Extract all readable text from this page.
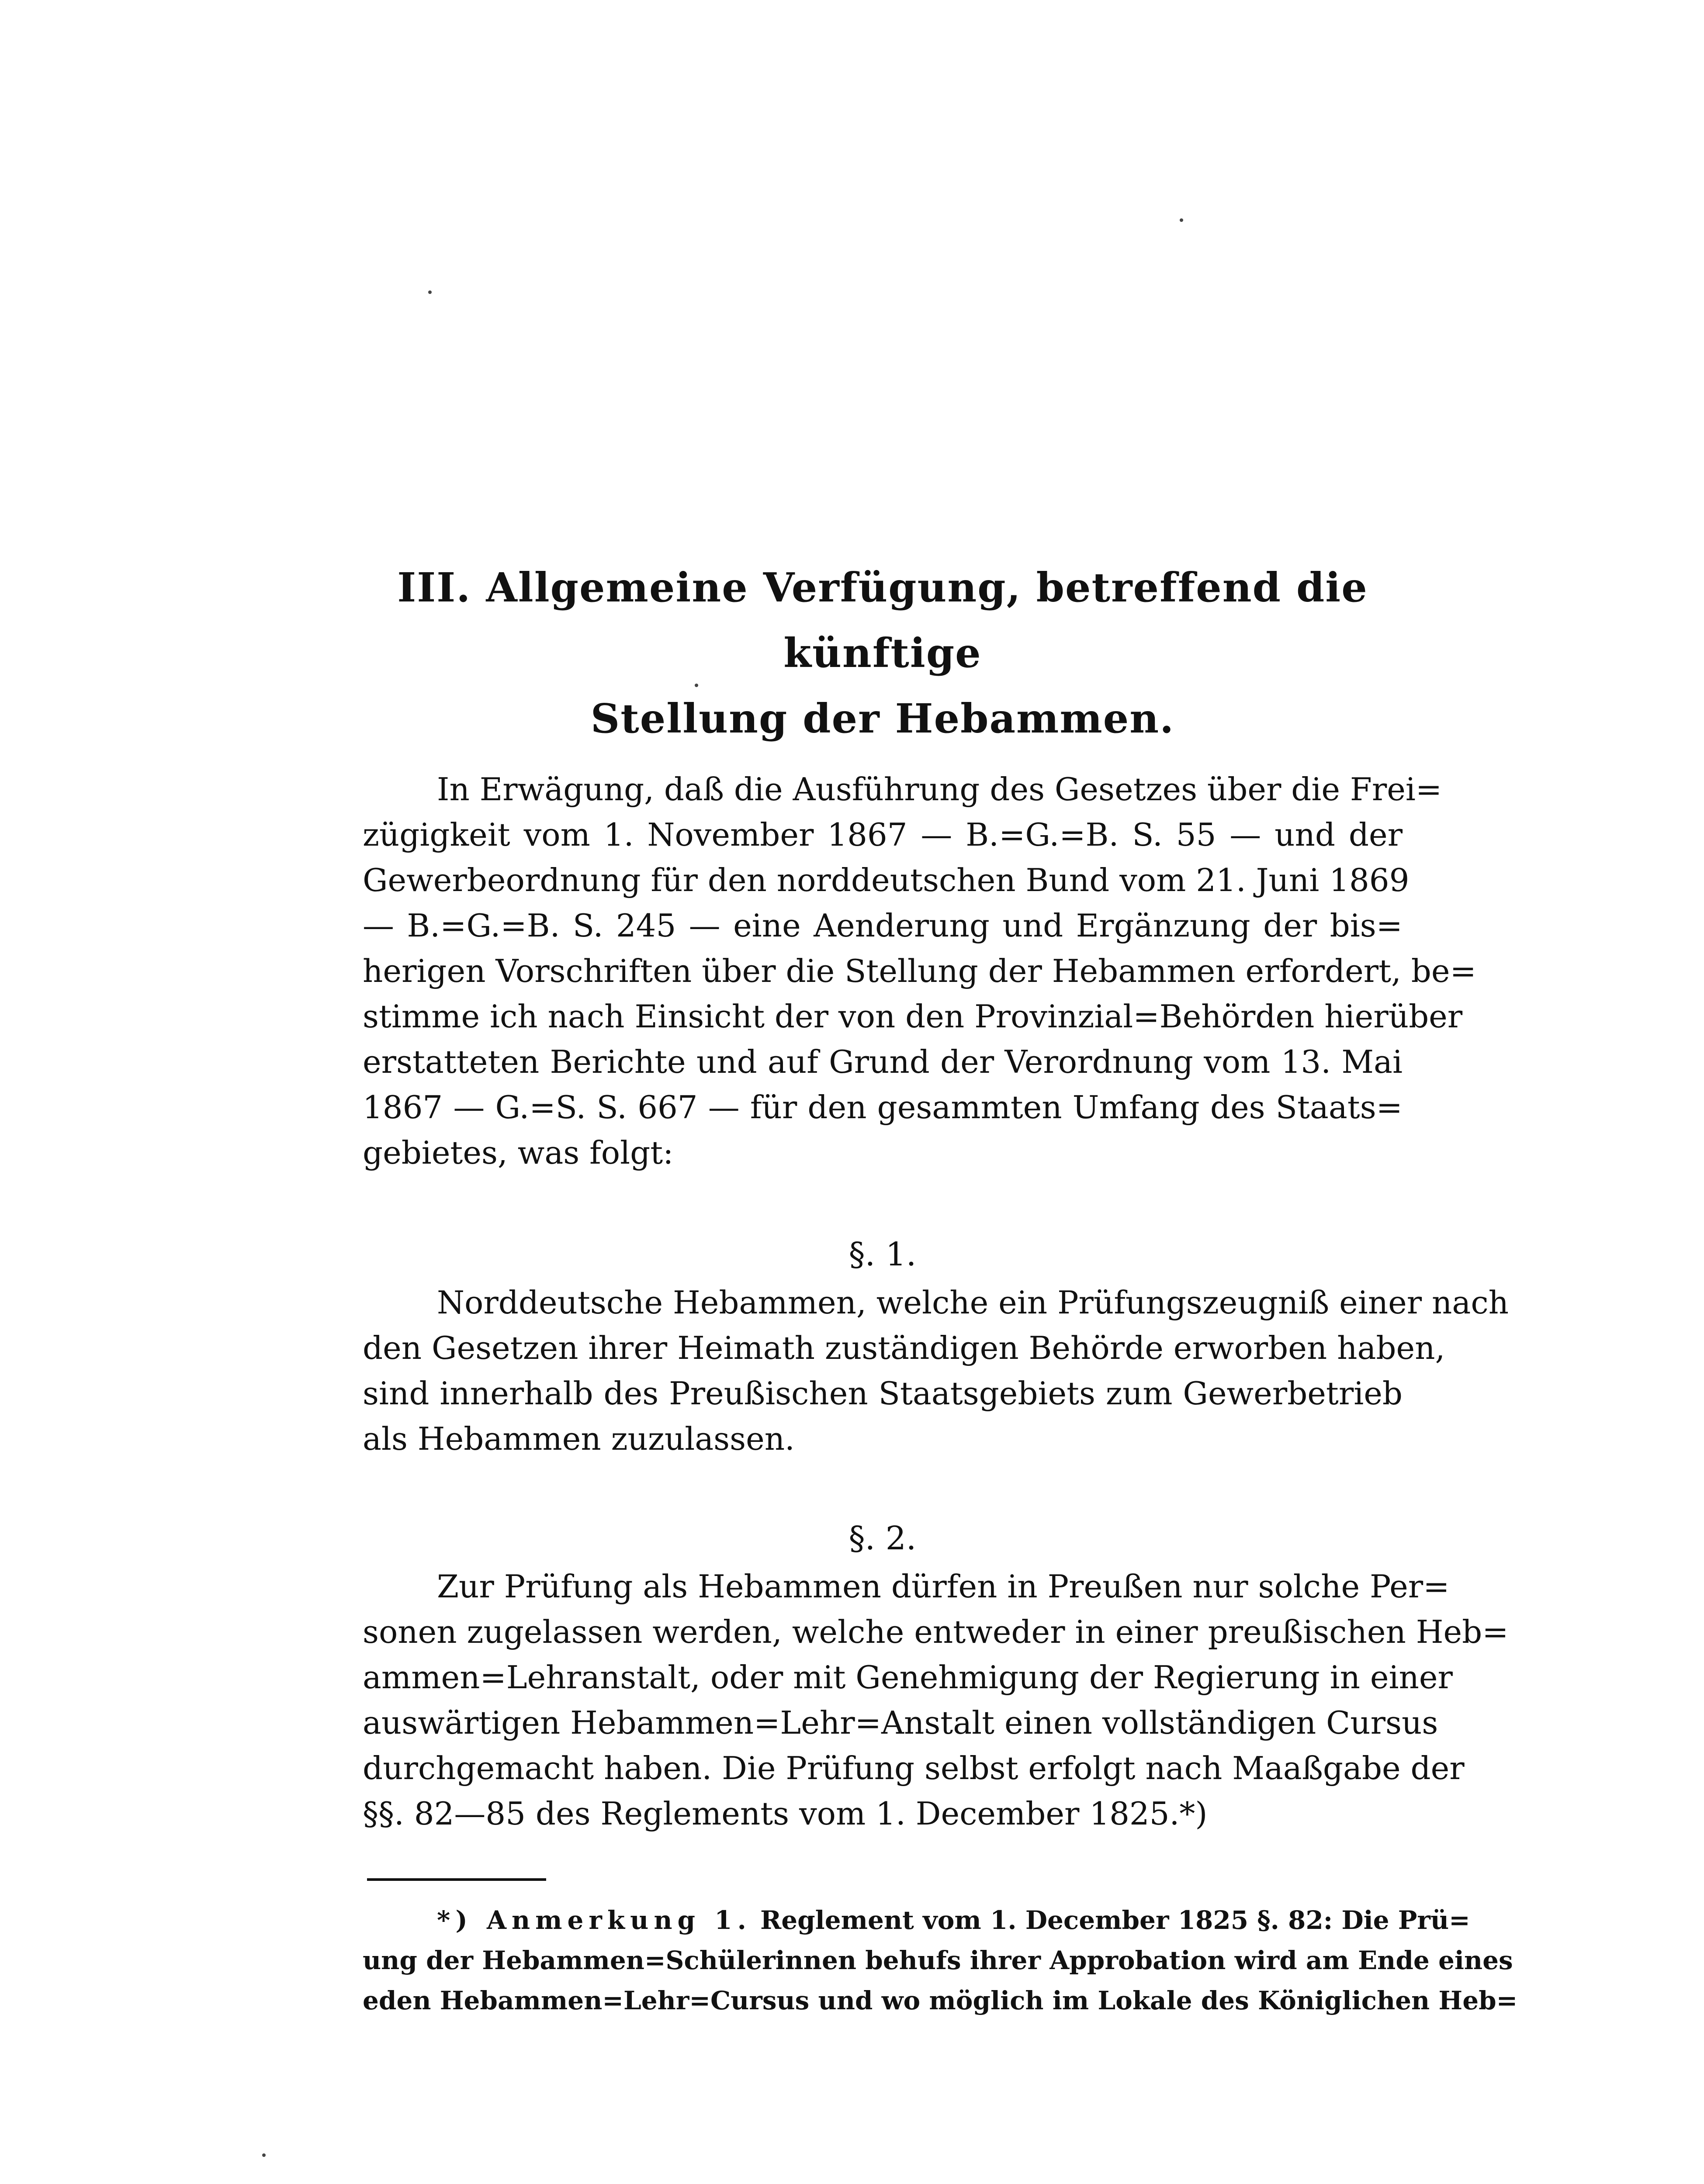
III. Allgemeine Verfügung, betreffend die künftige
Stellung der Hebammen.
In Erwägung, daß die Ausführung des Gesetzes über die Frei=
zügigkeit vom 1. November 1867 — B.=G.=B. S. 55 — und der
Gewerbeordnung für den norddeutschen Bund vom 21. Juni 1869
— B.=G.=B. S. 245 — eine Aenderung und Ergänzung der bis=
herigen Vorschriften über die Stellung der Hebammen erfordert, be=
stimme ich nach Einsicht der von den Provinzial=Behörden hierüber
erstatteten Berichte und auf Grund der Verordnung vom 13. Mai
1867 — G.=S. S. 667 — für den gesammten Umfang des Staats=
gebietes, was folgt:
§. 1.
Norddeutsche Hebammen, welche ein Prüfungszeugniß einer nach
den Gesetzen ihrer Heimath zuständigen Behörde erworben haben,
sind innerhalb des Preußischen Staatsgebiets zum Gewerbetrieb
als Hebammen zuzulassen.
§. 2.
Zur Prüfung als Hebammen dürfen in Preußen nur solche Per=
sonen zugelassen werden, welche entweder in einer preußischen Heb=
ammen=Lehranstalt, oder mit Genehmigung der Regierung in einer
auswärtigen Hebammen=Lehr=Anstalt einen vollständigen Cursus
durchgemacht haben. Die Prüfung selbst erfolgt nach Maaßgabe der
§§. 82—85 des Reglements vom 1. December 1825.*)
*) Anmerkung 1. Reglement vom 1. December 1825 §. 82: Die Prü=
ung der Hebammen=Schülerinnen behufs ihrer Approbation wird am Ende eines
eden Hebammen=Lehr=Cursus und wo möglich im Lokale des Königlichen Heb=
